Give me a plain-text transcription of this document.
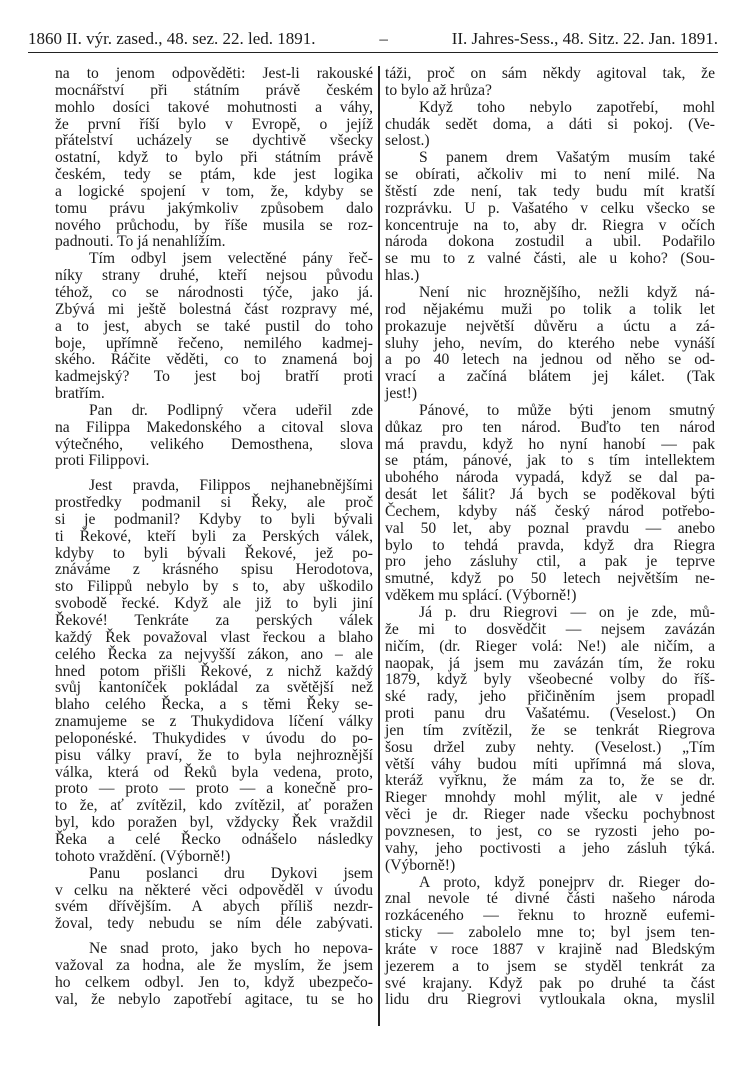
1860 II. výr. zased., 48. sez. 22. led. 1891.	–	II. Jahres-Sess., 48. Sitz. 22. Jan. 1891.
na to jenom odpovědĕti: Jest-li rakouské
mocnářství při státním právě českém
mohlo dosíci takové mohutnosti a váhy,
že první říší bylo v Evropě, o jejíž
přátelství ucházely se dychtivě všecky
ostatní, když to bylo při státním právě
českém, tedy se ptám, kde jest logika
a logické spojení v tom, že, kdyby se
tomu právu jakýmkoliv způsobem dalo
nového průchodu, by říše musila se roz-
padnouti. To já nenahlížím.
Tím odbyl jsem velectěné pány řeč-
níky strany druhé, kteří nejsou původu
téhož, co se národnosti týče, jako já.
Zbývá mi ještě bolestná část rozpravy mé,
a to jest, abych se také pustil do toho
boje, upřímně řečeno, nemilého kadmej-
ského. Ráčite věděti, co to znamená boj
kadmejský? To jest boj bratří proti
bratřím.
Pan dr. Podlipný včera udeřil zde
na Filippa Makedonského a citoval slova
výtečného, velikého Demosthena, slova
proti Filippovi.
Jest pravda, Filippos nejhanebnějšími
prostředky podmanil si Řeky, ale proč
si je podmanil? Kdyby to byli bývali
ti Řekové, kteří byli za Perských válek,
kdyby to byli bývali Řekové, jež po-
znáváme z krásného spisu Herodotova,
sto Filippů nebylo by s to, aby uškodilo
svobodě řecké. Když ale již to byli jiní
Řekové! Tenkráte za perských válek
každý Řek považoval vlast řeckou a blaho
celého Řecka za nejvyšší zákon, ano – ale
hned potom přišli Řekové, z nichž každý
svůj kantoníček pokládal za světější než
blaho celého Řecka, a s těmi Řeky se-
znamujeme se z Thukydidova líčení války
peloponéské. Thukydides v úvodu do po-
pisu války praví, že to byla nejhroznější
válka, která od Řeků byla vedena, proto,
proto — proto — proto — a konečně pro-
to že, ať zvítězil, kdo zvítězil, ať poražen
byl, kdo poražen byl, vždycky Řek vraždil
Řeka a celé Řecko odnášelo následky
tohoto vraždění. (Výborně!)
Panu poslanci dru Dykovi jsem
v celku na některé věci odpověděl v úvodu
svém dřívějším. A abych příliš nezdr-
žoval, tedy nebudu se ním déle zabývati.
Ne snad proto, jako bych ho nepova-
važoval za hodna, ale že myslím, že jsem
ho celkem odbyl. Jen to, když ubezpečo-
val, že nebylo zapotřebí agitace, tu se ho
táži, proč on sám někdy agitoval tak, že
to bylo až hrůza?
Když toho nebylo zapotřebí, mohl
chudák sedět doma, a dáti si pokoj. (Ve-
selost.)
S panem drem Vašatým musím také
se obírati, ačkoliv mi to není milé. Na
štěstí zde není, tak tedy budu mít kratší
rozprávku. U p. Vašatého v celku všecko se
koncentruje na to, aby dr. Riegra v očích
národa dokona zostudil a ubil. Podařilo
se mu to z valné části, ale u koho? (Sou-
hlas.)
Není nic hroznějšího, nežli když ná-
rod nějakému muži po tolik a tolik let
prokazuje největší důvěru a úctu a zá-
sluhy jeho, nevím, do kterého nebe vynáší
a po 40 letech na jednou od něho se od-
vrací a začíná blátem jej kálet. (Tak
jest!)
Pánové, to může býti jenom smutný
důkaz pro ten národ. Buďto ten národ
má pravdu, když ho nyní hanobí — pak
se ptám, pánové, jak to s tím intellektem
ubohého národa vypadá, když se dal pa-
desát let šálit? Já bych se poděkoval býti
Čechem, kdyby náš český národ potřebo-
val 50 let, aby poznal pravdu — anebo
bylo to tehdá pravda, když dra Riegra
pro jeho zásluhy ctil, a pak je teprve
smutné, když po 50 letech největším ne-
vděkem mu splácí. (Výborně!)
Já p. dru Riegrovi — on je zde, mů-
že mi to dosvědčit — nejsem zavázán
ničím, (dr. Rieger volá: Ne!) ale ničím, a
naopak, já jsem mu zavázán tím, že roku
1879, když byly všeobecné volby do říš-
ské rady, jeho přičiněním jsem propadl
proti panu dru Vašatému. (Veselost.) On
jen tím zvítězil, že se tenkrát Riegrova
šosu držel zuby nehty. (Veselost.) „Tím
větší váhy budou míti upřímná má slova,
kteráž vyřknu, že mám za to, že se dr.
Rieger mnohdy mohl mýlit, ale v jedné
věci je dr. Rieger nade všecku pochybnost
povznesen, to jest, co se ryzosti jeho po-
vahy, jeho poctivosti a jeho zásluh týká.
(Výborně!)
A proto, když ponejprv dr. Rieger do-
znal nevole té divné části našeho národa
rozkáceného — řeknu to hrozně eufemi-
sticky — zabolelo mne to; byl jsem ten-
kráte v roce 1887 v krajině nad Bledským
jezerem a to jsem se styděl tenkrát za
své krajany. Když pak po druhé ta část
lidu dru Riegrovi vytloukala okna, myslil
